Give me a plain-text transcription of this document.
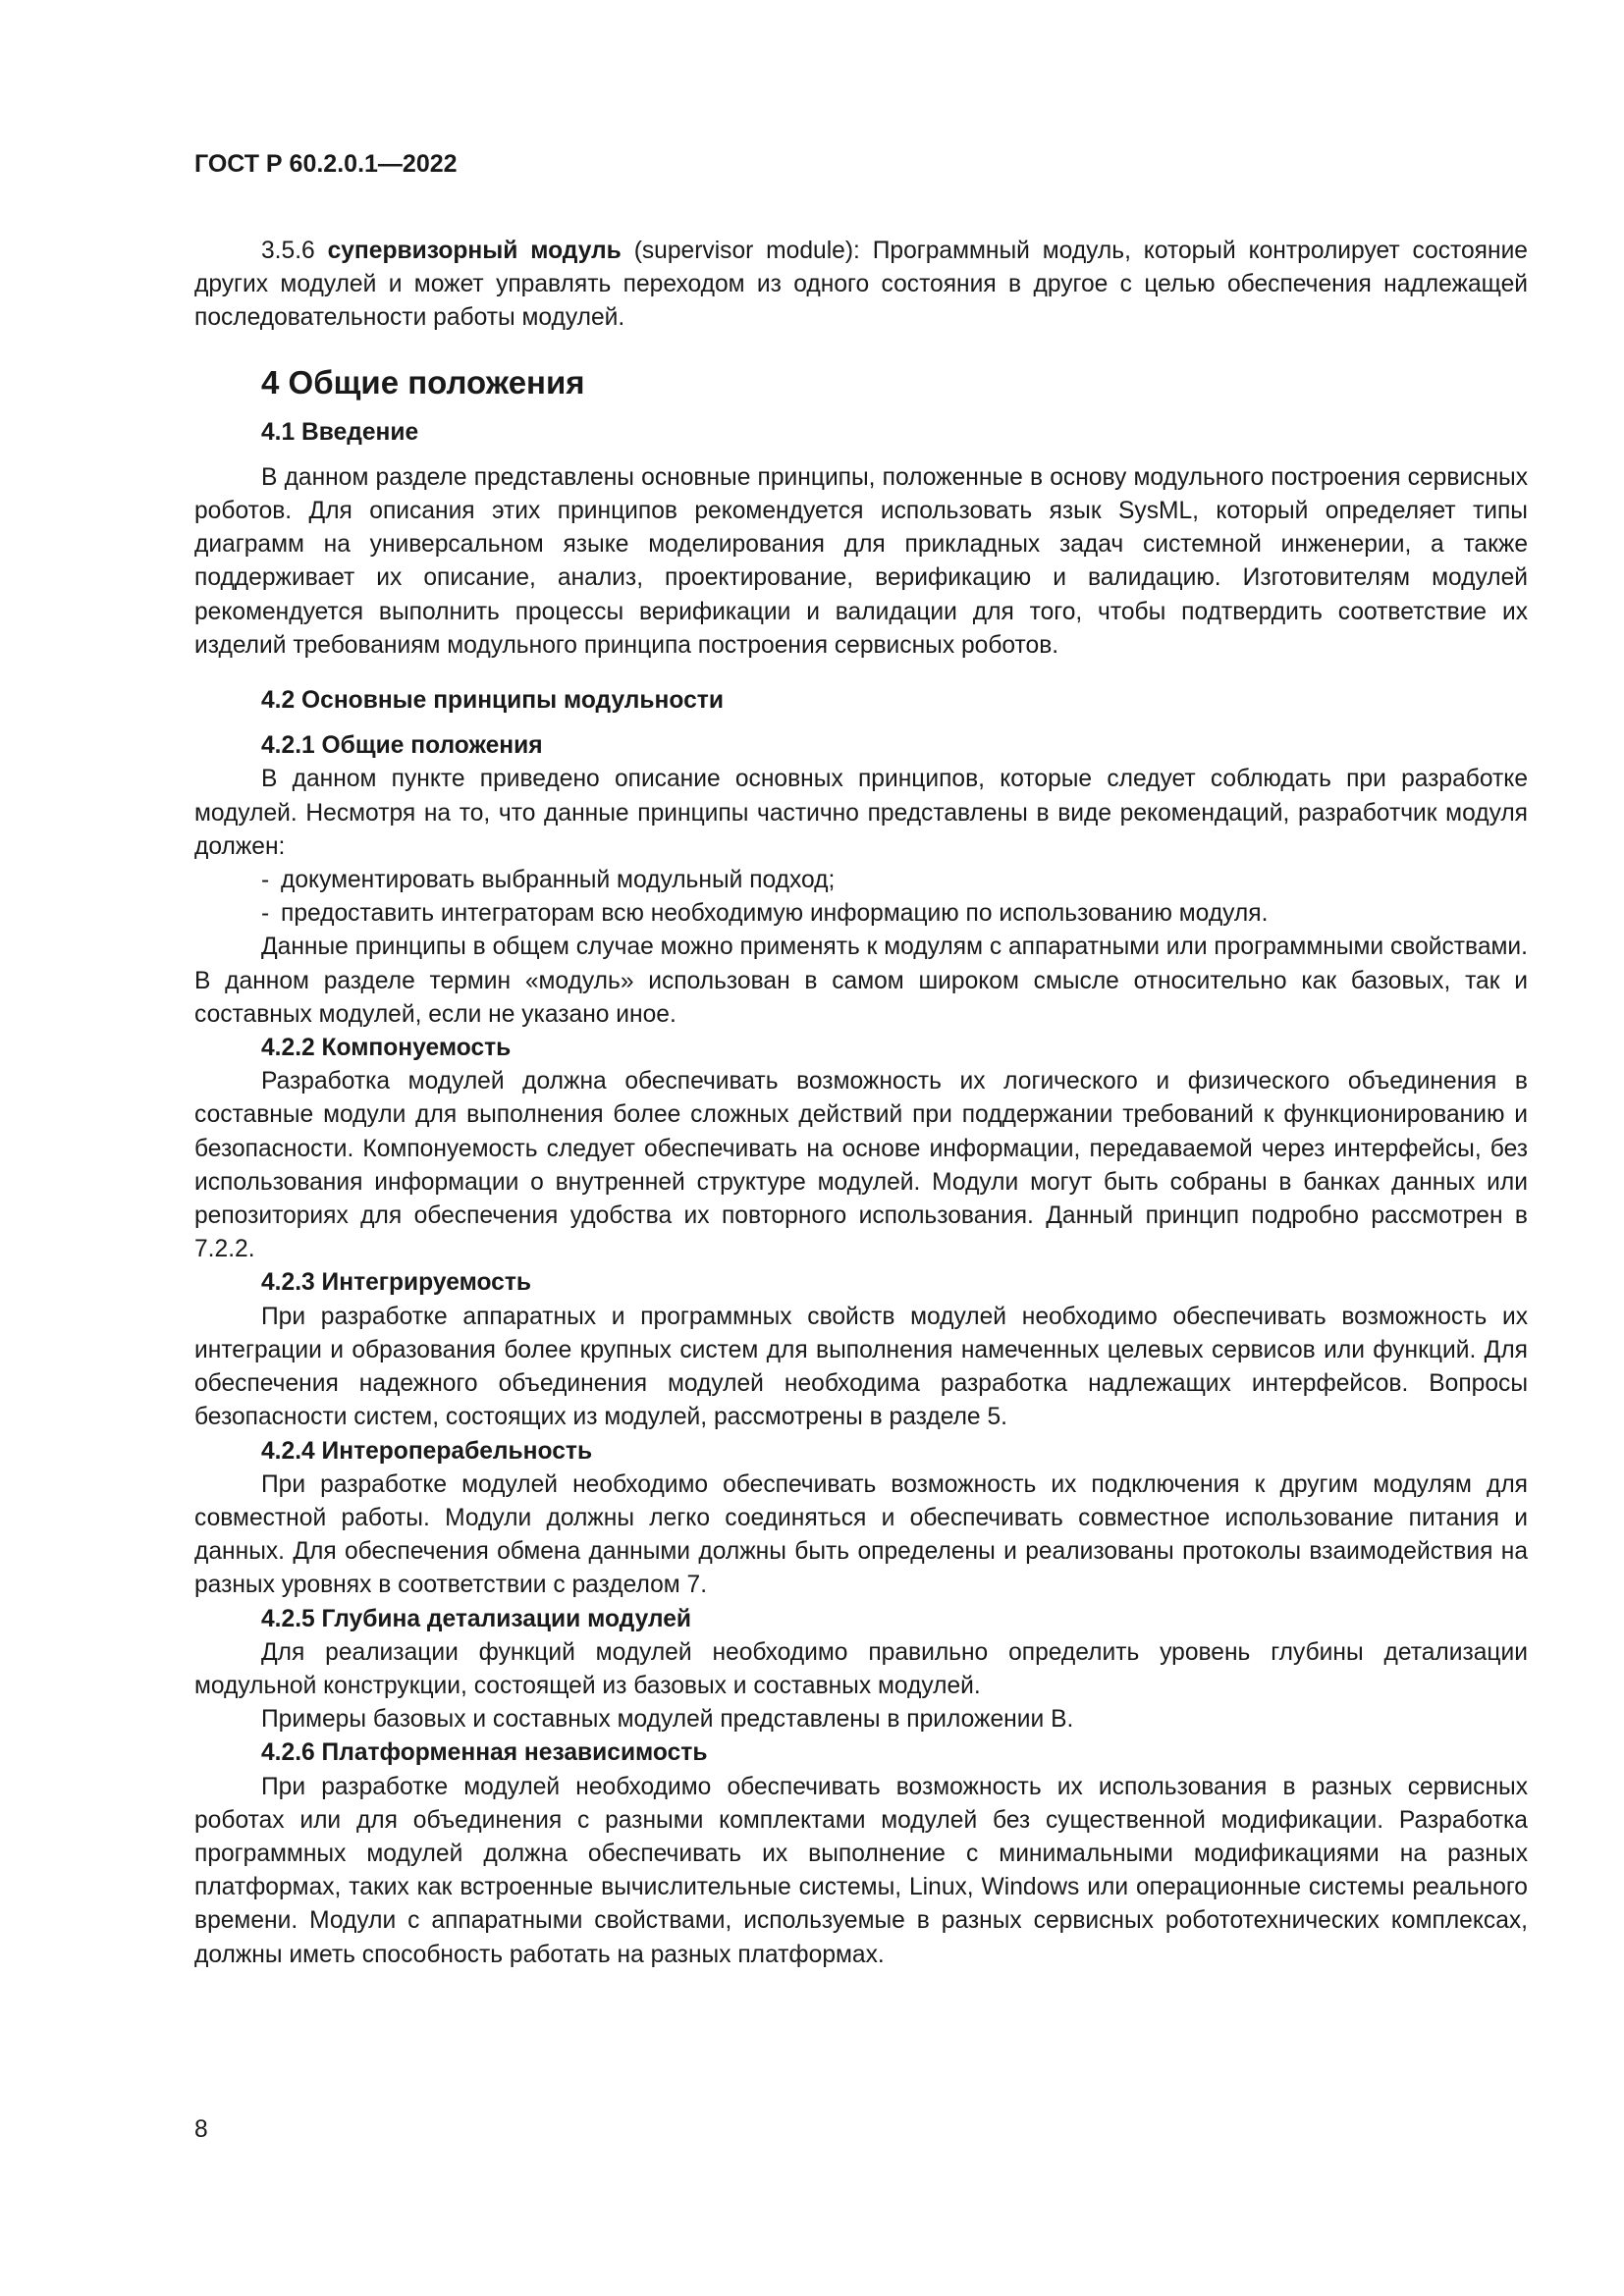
ГОСТ Р 60.2.0.1—2022

3.5.6 супервизорный модуль (supervisor module): Программный модуль, который контролирует состояние других модулей и может управлять переходом из одного состояния в другое с целью обеспечения надлежащей последовательности работы модулей.

4 Общие положения
4.1 Введение

В данном разделе представлены основные принципы, положенные в основу модульного построения сервисных роботов. Для описания этих принципов рекомендуется использовать язык SysML, который определяет типы диаграмм на универсальном языке моделирования для прикладных задач системной инженерии, а также поддерживает их описание, анализ, проектирование, верификацию и валидацию. Изготовителям модулей рекомендуется выполнить процессы верификации и валидации для того, чтобы подтвердить соответствие их изделий требованиям модульного принципа построения сервисных роботов.

4.2 Основные принципы модульности
4.2.1 Общие положения

В данном пункте приведено описание основных принципов, которые следует соблюдать при разработке модулей. Несмотря на то, что данные принципы частично представлены в виде рекомендаций, разработчик модуля должен:

- документировать выбранный модульный подход;

- предоставить интеграторам всю необходимую информацию по использованию модуля.

Данные принципы в общем случае можно применять к модулям с аппаратными или программными свойствами. В данном разделе термин «модуль» использован в самом широком смысле относительно как базовых, так и составных модулей, если не указано иное.

4.2.2 Компонуемость

Разработка модулей должна обеспечивать возможность их логического и физического объединения в составные модули для выполнения более сложных действий при поддержании требований к функционированию и безопасности. Компонуемость следует обеспечивать на основе информации, передаваемой через интерфейсы, без использования информации о внутренней структуре модулей. Модули могут быть собраны в банках данных или репозиториях для обеспечения удобства их повторного использования. Данный принцип подробно рассмотрен в 7.2.2.

4.2.3 Интегрируемость

При разработке аппаратных и программных свойств модулей необходимо обеспечивать возможность их интеграции и образования более крупных систем для выполнения намеченных целевых сервисов или функций. Для обеспечения надежного объединения модулей необходима разработка надлежащих интерфейсов. Вопросы безопасности систем, состоящих из модулей, рассмотрены в разделе 5.

4.2.4 Интероперабельность

При разработке модулей необходимо обеспечивать возможность их подключения к другим модулям для совместной работы. Модули должны легко соединяться и обеспечивать совместное использование питания и данных. Для обеспечения обмена данными должны быть определены и реализованы протоколы взаимодействия на разных уровнях в соответствии с разделом 7.

4.2.5 Глубина детализации модулей

Для реализации функций модулей необходимо правильно определить уровень глубины детализации модульной конструкции, состоящей из базовых и составных модулей.

Примеры базовых и составных модулей представлены в приложении В.

4.2.6 Платформенная независимость

При разработке модулей необходимо обеспечивать возможность их использования в разных сервисных роботах или для объединения с разными комплектами модулей без существенной модификации. Разработка программных модулей должна обеспечивать их выполнение с минимальными модификациями на разных платформах, таких как встроенные вычислительные системы, Linux, Windows или операционные системы реального времени. Модули с аппаратными свойствами, используемые в разных сервисных робототехнических комплексах, должны иметь способность работать на разных платформах.

8
